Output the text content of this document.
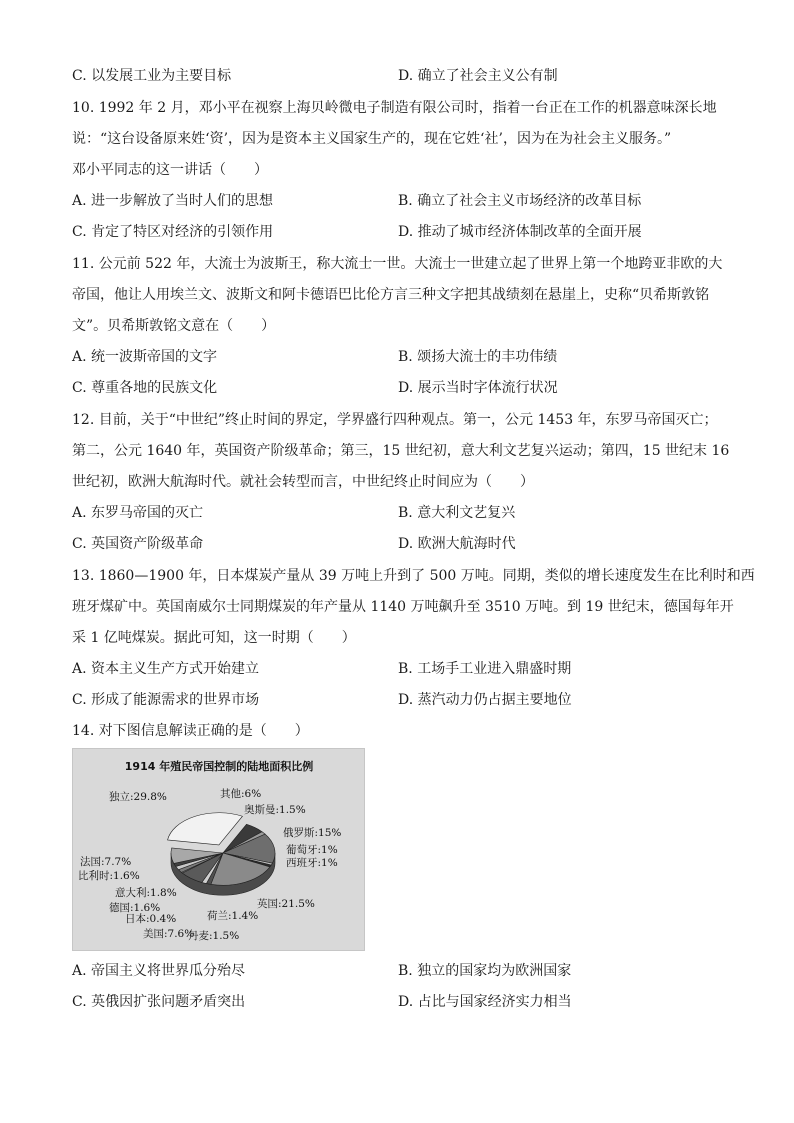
C. 以发展工业为主要目标	D. 确立了社会主义公有制
10. 1992 年 2 月，邓小平在视察上海贝岭微电子制造有限公司时，指着一台正在工作的机器意味深长地
说：“这台设备原来姓‘资’，因为是资本主义国家生产的，现在它姓‘社’，因为在为社会主义服务。”
邓小平同志的这一讲话（　　）
A. 进一步解放了当时人们的思想	B. 确立了社会主义市场经济的改革目标
C. 肯定了特区对经济的引领作用	D. 推动了城市经济体制改革的全面开展
11. 公元前 522 年，大流士为波斯王，称大流士一世。大流士一世建立起了世界上第一个地跨亚非欧的大
帝国，他让人用埃兰文、波斯文和阿卡德语巴比伦方言三种文字把其战绩刻在悬崖上，史称“贝希斯敦铭
文”。贝希斯敦铭文意在（　　）
A. 统一波斯帝国的文字	B. 颂扬大流士的丰功伟绩
C. 尊重各地的民族文化	D. 展示当时字体流行状况
12. 目前，关于“中世纪”终止时间的界定，学界盛行四种观点。第一，公元 1453 年，东罗马帝国灭亡；
第二，公元 1640 年，英国资产阶级革命；第三，15 世纪初，意大利文艺复兴运动；第四，15 世纪末 16
世纪初，欧洲大航海时代。就社会转型而言，中世纪终止时间应为（　　）
A. 东罗马帝国的灭亡	B. 意大利文艺复兴
C. 英国资产阶级革命	D. 欧洲大航海时代
13. 1860—1900 年，日本煤炭产量从 39 万吨上升到了 500 万吨。同期，类似的增长速度发生在比利时和西
班牙煤矿中。英国南威尔士同期煤炭的年产量从 1140 万吨飙升至 3510 万吨。到 19 世纪末，德国每年开
采 1 亿吨煤炭。据此可知，这一时期（　　）
A. 资本主义生产方式开始建立	B. 工场手工业进入鼎盛时期
C. 形成了能源需求的世界市场	D. 蒸汽动力仍占据主要地位
14. 对下图信息解读正确的是（　　）
1914 年殖民帝国控制的陆地面积比例
独立:29.8%	其他:6%
奥斯曼:1.5%
俄罗斯:15%
葡萄牙:1%
西班牙:1%
英国:21.5%
荷兰:1.4%
丹麦:1.5%
美国:7.6%
日本:0.4%
德国:1.6%
意大利:1.8%
比利时:1.6%
法国:7.7%
A. 帝国主义将世界瓜分殆尽	B. 独立的国家均为欧洲国家
C. 英俄因扩张问题矛盾突出	D. 占比与国家经济实力相当
